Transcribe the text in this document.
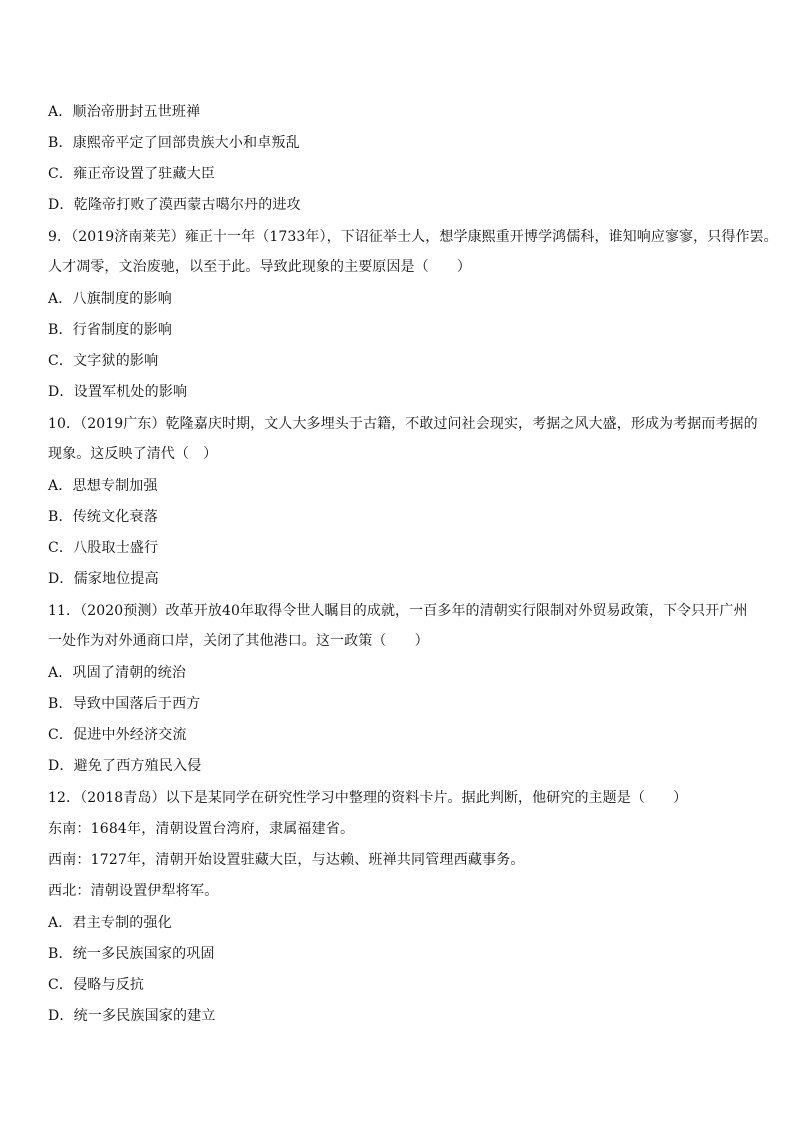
A．顺治帝册封五世班禅
B．康熙帝平定了回部贵族大小和卓叛乱
C．雍正帝设置了驻藏大臣
D．乾隆帝打败了漠西蒙古噶尔丹的进攻
9．（2019济南莱芜）雍正十一年（1733年），下诏征举士人，想学康熙重开博学鸿儒科，谁知响应寥寥，只得作罢。
人才凋零，文治废驰，以至于此。导致此现象的主要原因是（　　）
A．八旗制度的影响
B．行省制度的影响
C．文字狱的影响
D．设置军机处的影响
10．（2019广东）乾隆嘉庆时期，文人大多埋头于古籍，不敢过问社会现实，考据之风大盛，形成为考据而考据的
现象。这反映了清代（　）
A．思想专制加强
B．传统文化衰落
C．八股取士盛行
D．儒家地位提高
11．（2020预测）改革开放40年取得令世人瞩目的成就，一百多年的清朝实行限制对外贸易政策，下令只开广州
一处作为对外通商口岸，关闭了其他港口。这一政策（　　）
A．巩固了清朝的统治
B．导致中国落后于西方
C．促进中外经济交流
D．避免了西方殖民入侵
12．（2018青岛）以下是某同学在研究性学习中整理的资料卡片。据此判断，他研究的主题是（　　）
东南：1684年，清朝设置台湾府，隶属福建省。
西南：1727年，清朝开始设置驻藏大臣，与达赖、班禅共同管理西藏事务。
西北：清朝设置伊犁将军。
A．君主专制的强化
B．统一多民族国家的巩固
C．侵略与反抗
D．统一多民族国家的建立
